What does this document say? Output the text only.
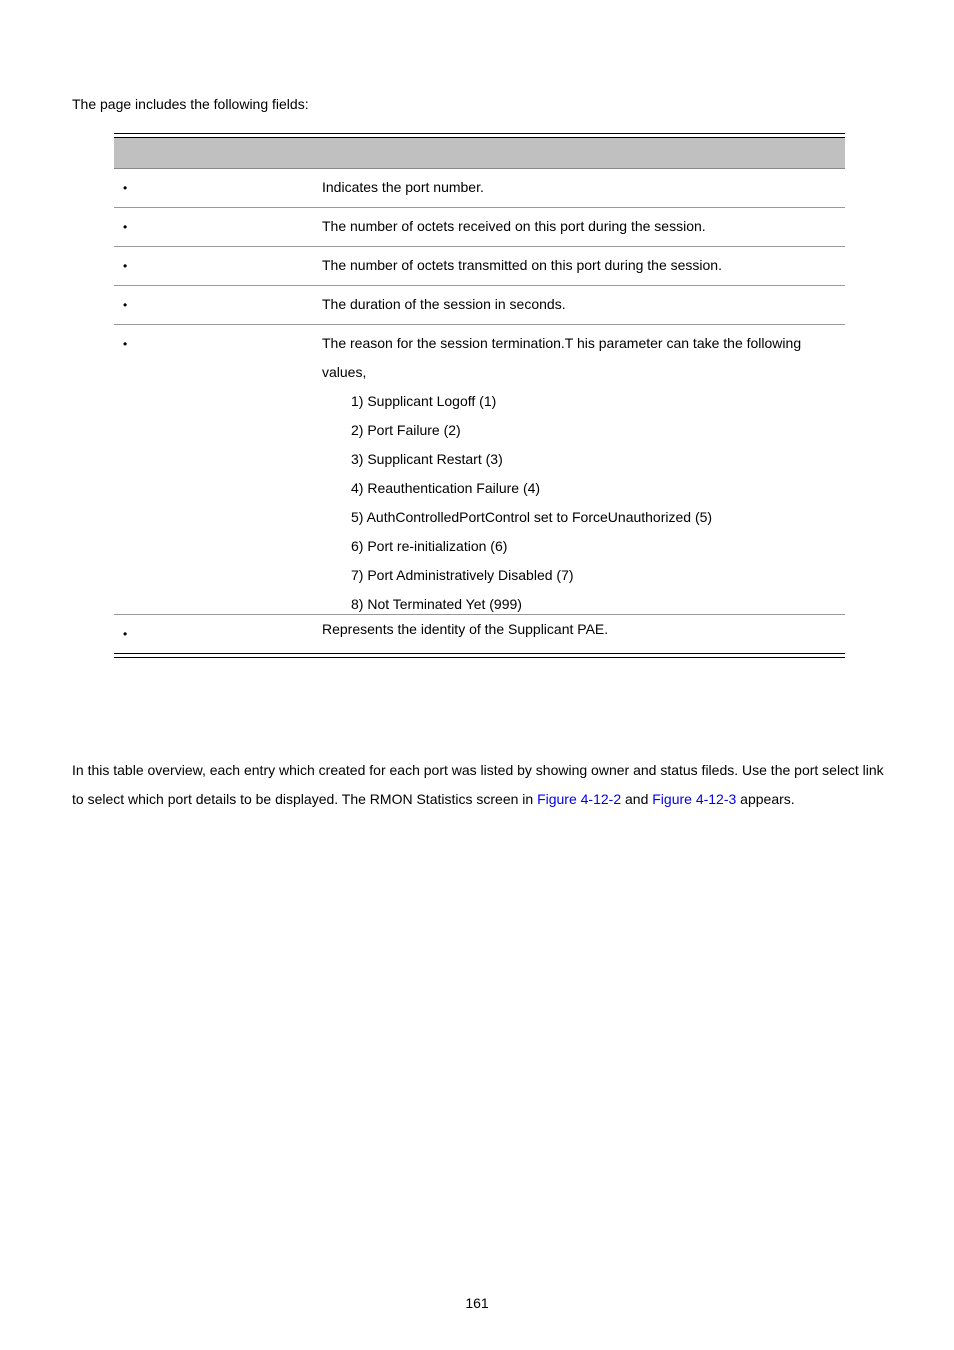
The page includes the following fields:
•	Indicates the port number.
•	The number of octets received on this port during the session.
•	The number of octets transmitted on this port during the session.
•	The duration of the session in seconds.
•	The reason for the session termination.T his parameter can take the following
values,
1) Supplicant Logoff (1)
2) Port Failure (2)
3) Supplicant Restart (3)
4) Reauthentication Failure (4)
5) AuthControlledPortControl set to ForceUnauthorized (5)
6) Port re-initialization (6)
7) Port Administratively Disabled (7)
8) Not Terminated Yet (999)
•	Represents the identity of the Supplicant PAE.
In this table overview, each entry which created for each port was listed by showing owner and status fileds. Use the port select link to select which port details to be displayed. The RMON Statistics screen in Figure 4-12-2 and Figure 4-12-3 appears.
161
